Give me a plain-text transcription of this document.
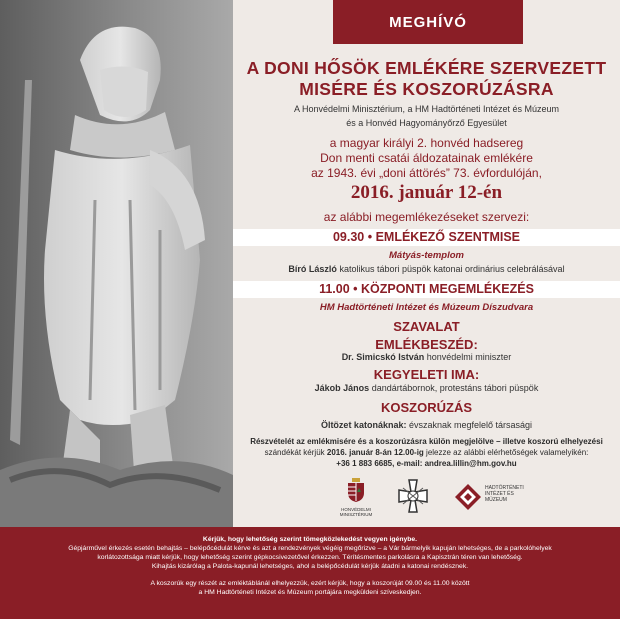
MEGHÍVÓ
A DONI HŐSÖK EMLÉKÉRE SZERVEZETT
MISÉRE ÉS KOSZORÚZÁSRA
A Honvédelmi Minisztérium, a HM Hadtörténeti Intézet és Múzeum
és a Honvéd Hagyományőrző Egyesület
a magyar királyi 2. honvéd hadsereg
Don menti csatái áldozatainak emlékére
az 1943. évi „doni áttörés” 73. évfordulóján,
2016. január 12-én
az alábbi megemlékezéseket szervezi:
09.30 • EMLÉKEZŐ SZENTMISE
Mátyás-templom
Bíró László katolikus tábori püspök katonai ordinárius celebrálásával
11.00 • KÖZPONTI MEGEMLÉKEZÉS
HM Hadtörténeti Intézet és Múzeum Díszudvara
SZAVALAT
EMLÉKBESZÉD:
Dr. Simicskó István honvédelmi miniszter
KEGYELETI IMA:
Jákob János dandártábornok, protestáns tábori püspök
KOSZORÚZÁS
Öltözet katonáknak: évszaknak megfelelő társasági
Részvételét az emlékmisére és a koszorúzásra külön megjelölve – illetve koszorú elhelyezési
szándékát kérjük 2016. január 8-án 12.00-ig jelezze az alábbi elérhetőségek valamelyikén:
+36 1 883 6685, e-mail: andrea.lillin@hm.gov.hu
HONVÉDELMI MINISZTÉRIUM
HADTÖRTÉNETI
INTÉZET ÉS
MÚZEUM
Kérjük, hogy lehetőség szerint tömegközlekedést vegyen igénybe.
Gépjárművel érkezés esetén behajtás – belépőcédulát kérve és azt a rendezvények végéig megőrizve – a Vár bármelyik kapuján lehetséges, de a parkolóhelyek
korlátozottsága miatt kérjük, hogy lehetőség szerint gépkocsivezetővel érkezzen. Térítésmentes parkolásra a Kapisztrán téren van lehetőség.
Kihajtás kizárólag a Palota-kapunál lehetséges, ahol a belépőcédulát kérjük átadni a katonai rendésznek.
A koszorúk egy részét az emléktáblánál elhelyezzük, ezért kérjük, hogy a koszorúját 09.00 és 11.00 között
a HM Hadtörténeti Intézet és Múzeum portájára megküldeni szíveskedjen.
